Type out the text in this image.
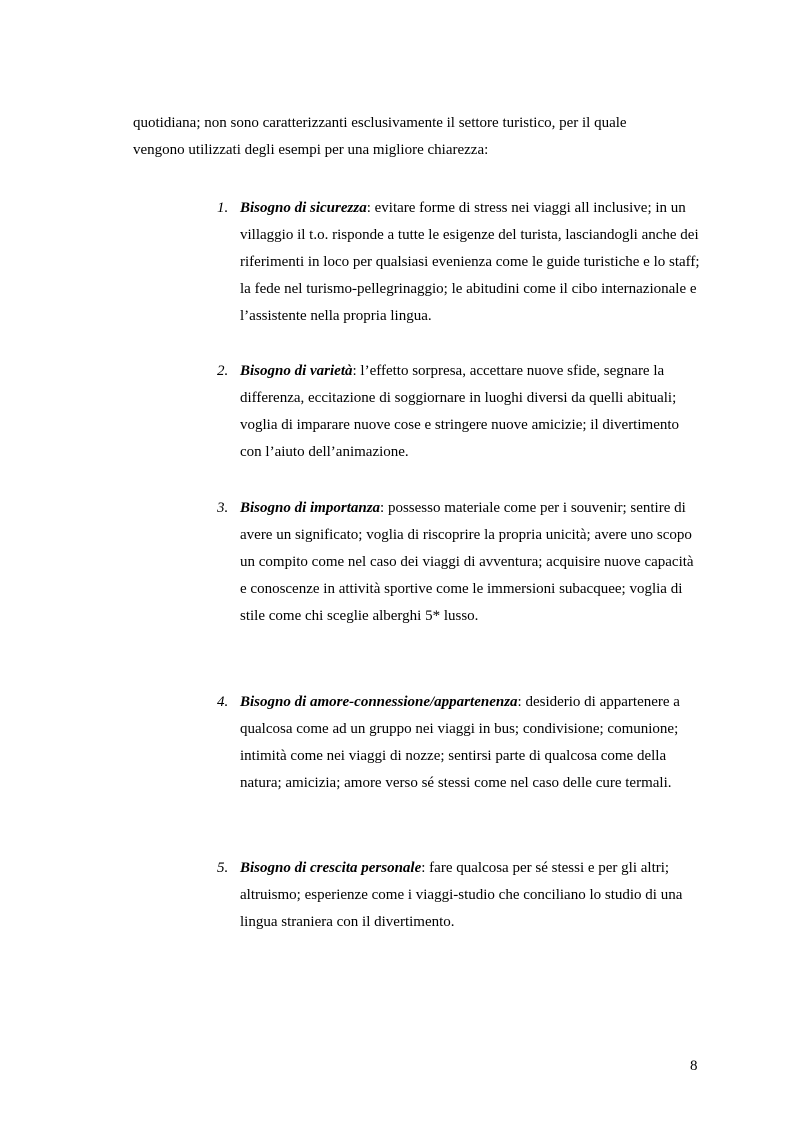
quotidiana; non sono caratterizzanti esclusivamente il settore turistico, per il quale vengono utilizzati degli esempi per una migliore chiarezza:

1. Bisogno di sicurezza: evitare forme di stress nei viaggi all inclusive; in un villaggio il t.o. risponde a tutte le esigenze del turista, lasciandogli anche dei riferimenti in loco per qualsiasi evenienza come le guide turistiche e lo staff; la fede nel turismo-pellegrinaggio; le abitudini come il cibo internazionale e l’assistente nella propria lingua.

2. Bisogno di varietà: l’effetto sorpresa, accettare nuove sfide, segnare la differenza, eccitazione di soggiornare in luoghi diversi da quelli abituali; voglia di imparare nuove cose e stringere nuove amicizie; il divertimento con l’aiuto dell’animazione.

3. Bisogno di importanza: possesso materiale come per i souvenir; sentire di avere un significato; voglia di riscoprire la propria unicità; avere uno scopo un compito come nel caso dei viaggi di avventura; acquisire nuove capacità e conoscenze in attività sportive come le immersioni subacquee; voglia di stile come chi sceglie alberghi 5* lusso.

4. Bisogno di amore-connessione/appartenenza: desiderio di appartenere a qualcosa come ad un gruppo nei viaggi in bus; condivisione; comunione; intimità come nei viaggi di nozze; sentirsi parte di qualcosa come della natura; amicizia; amore verso sé stessi come nel caso delle cure termali.

5. Bisogno di crescita personale: fare qualcosa per sé stessi e per gli altri; altruismo; esperienze come i viaggi-studio che conciliano lo studio di una lingua straniera con il divertimento.

8
